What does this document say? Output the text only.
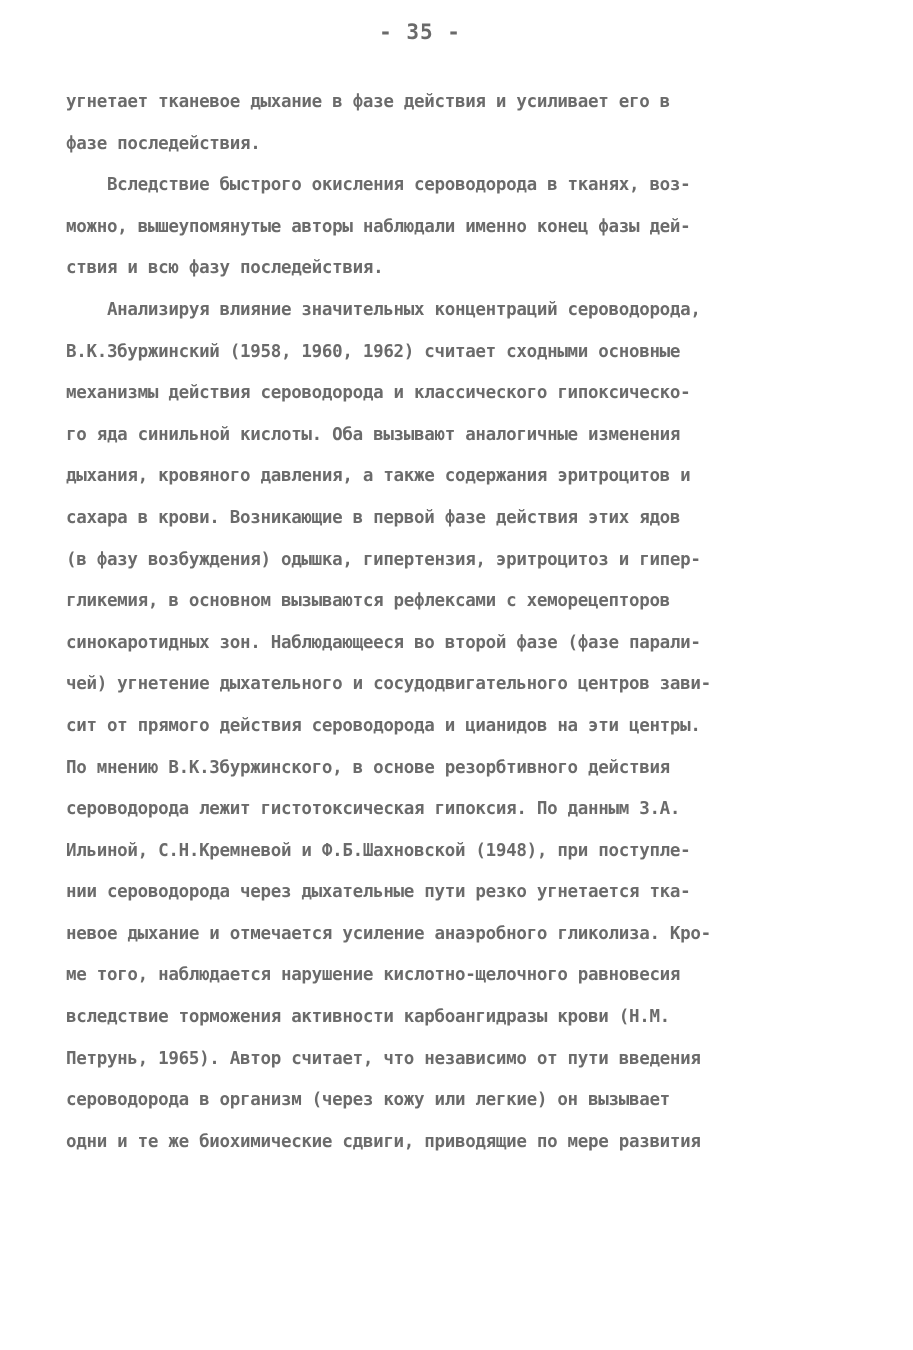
- 35 -
угнетает тканевое дыхание в фазе действия и усиливает его в
фазе последействия.
Вследствие быстрого окисления сероводорода в тканях, воз-
можно, вышеупомянутые авторы наблюдали именно конец фазы дей-
ствия и всю фазу последействия.
Анализируя влияние значительных концентраций сероводорода,
В.К.Збуржинский (1958, 1960, 1962) считает сходными основные
механизмы действия сероводорода и классического гипоксическо-
го яда синильной кислоты. Оба вызывают аналогичные изменения
дыхания, кровяного давления, а также содержания эритроцитов и
сахара в крови. Возникающие в первой фазе действия этих ядов
(в фазу возбуждения) одышка, гипертензия, эритроцитоз и гипер-
гликемия, в основном вызываются рефлексами с хеморецепторов
синокаротидных зон. Наблюдающееся во второй фазе (фазе парали-
чей) угнетение дыхательного и сосудодвигательного центров зави-
сит от прямого действия сероводорода и цианидов на эти центры.
По мнению В.К.Збуржинского, в основе резорбтивного действия
сероводорода лежит гистотоксическая гипоксия. По данным З.А.
Ильиной, С.Н.Кремневой и Ф.Б.Шахновской (1948), при поступле-
нии сероводорода через дыхательные пути резко угнетается тка-
невое дыхание и отмечается усиление анаэробного гликолиза. Кро-
ме того, наблюдается нарушение кислотно-щелочного равновесия
вследствие торможения активности карбоангидразы крови (Н.М.
Петрунь, 1965). Автор считает, что независимо от пути введения
сероводорода в организм (через кожу или легкие) он вызывает
одни и те же биохимические сдвиги, приводящие по мере развития
